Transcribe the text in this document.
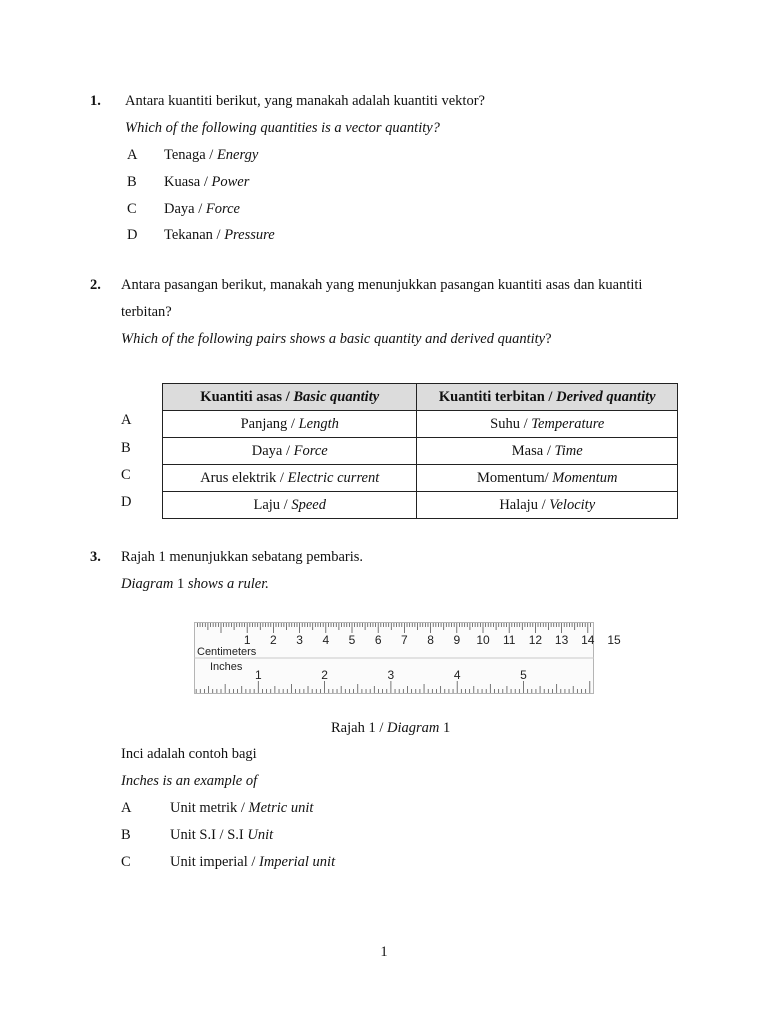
1. Antara kuantiti berikut, yang manakah adalah kuantiti vektor?
Which of the following quantities is a vector quantity?
A Tenaga / Energy
B Kuasa / Power
C Daya / Force
D Tekanan / Pressure
2. Antara pasangan berikut, manakah yang menunjukkan pasangan kuantiti asas dan kuantiti
terbitan?
Which of the following pairs shows a basic quantity and derived quantity?
A
B
C
D
Kuantiti asas / Basic quantity	Kuantiti terbitan / Derived quantity
Panjang / Length	Suhu / Temperature
Daya / Force	Masa / Time
Arus elektrik / Electric current	Momentum/ Momentum
Laju / Speed	Halaju / Velocity
3. Rajah 1 menunjukkan sebatang pembaris.
Diagram 1 shows a ruler.
1 2 3 4 5 6 7 8 9 10 11 12 13 14 15
1	2	3	4	5
Centimeters
Inches
Rajah 1 / Diagram 1
Inci adalah contoh bagi
Inches is an example of
A	Unit metrik / Metric unit
B	Unit S.I / S.I Unit
C	Unit imperial / Imperial unit
1
